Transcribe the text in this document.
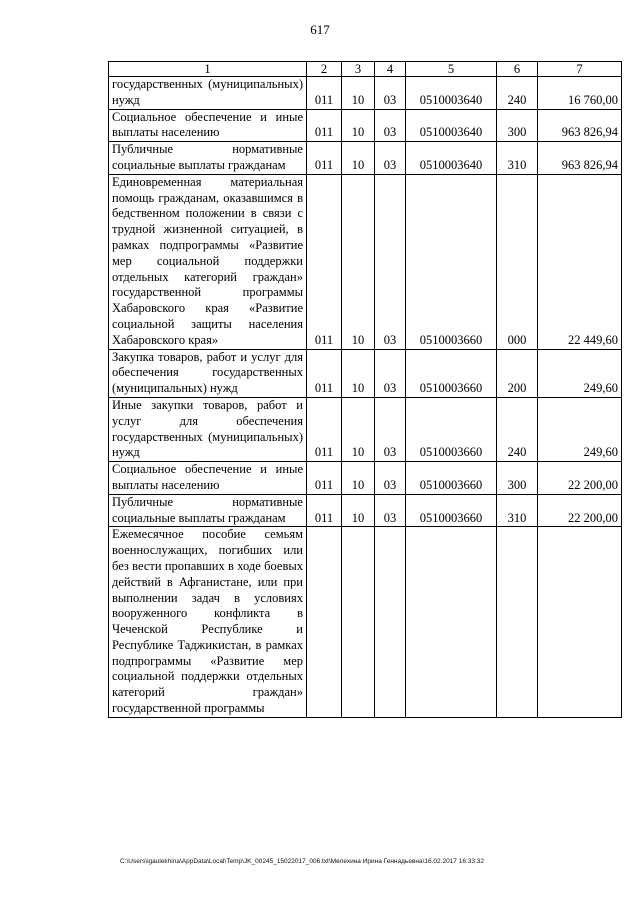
617
1	2	3	4	5	6	7
государственных (муниципальных) нужд	011	10	03	0510003640	240	16 760,00
Социальное обеспечение и иные выплаты населению	011	10	03	0510003640	300	963 826,94
Публичные нормативные социальные выплаты гражданам	011	10	03	0510003640	310	963 826,94
Единовременная материальная помощь гражданам, оказавшимся в бедственном положении в связи с трудной жизненной ситуацией, в рамках подпрограммы «Развитие мер социальной поддержки отдельных категорий граждан» государственной программы Хабаровского края «Развитие социальной защиты населения Хабаровского края»	011	10	03	0510003660	000	22 449,60
Закупка товаров, работ и услуг для обеспечения государственных (муниципальных) нужд	011	10	03	0510003660	200	249,60
Иные закупки товаров, работ и услуг для обеспечения государственных (муниципальных) нужд	011	10	03	0510003660	240	249,60
Социальное обеспечение и иные выплаты населению	011	10	03	0510003660	300	22 200,00
Публичные нормативные социальные выплаты гражданам	011	10	03	0510003660	310	22 200,00
Ежемесячное пособие семьям военнослужащих, погибших или без вести пропавших в ходе боевых действий в Афганистане, или при выполнении задач в условиях вооруженного конфликта в Чеченской Республике и Республике Таджикистан, в рамках подпрограммы «Развитие мер социальной поддержки отдельных категорий граждан» государственной программы						
C:\Users\igaulekhina\AppData\Local\Temp\JK_00245_15022017_006.txt\Мелехина Ирина Геннадьевна\16.02.2017 16:33:32
